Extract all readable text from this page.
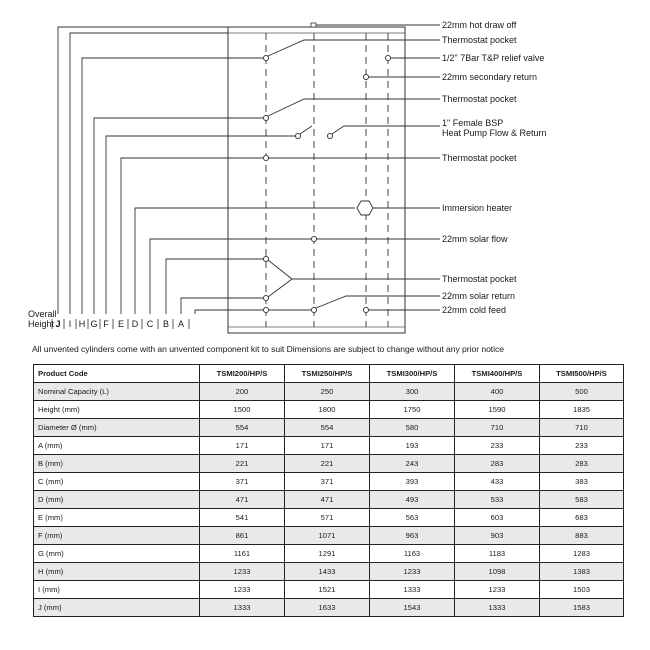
22mm hot draw off
Thermostat pocket
1/2" 7Bar T&P relief valve
22mm secondary return
Thermostat pocket
1" Female BSP
Heat Pump Flow & Return
Thermostat pocket
Immersion heater
22mm solar flow
Thermostat pocket
22mm solar return
22mm cold feed
Overall
Height J I H G F E D C B A
All unvented cylinders come with an unvented component kit to suit Dimensions are subject to change without any prior notice
Product Code	TSMI200/HP/S	TSMI250/HP/S	TSMI300/HP/S	TSMI400/HP/S	TSMI500/HP/S
Nominal Capacity (L)	200	250	300	400	500
Height (mm)	1500	1800	1750	1590	1835
Diameter Ø (mm)	554	554	580	710	710
A (mm)	171	171	193	233	233
B (mm)	221	221	243	283	283
C (mm)	371	371	393	433	383
D (mm)	471	471	493	533	583
E (mm)	541	571	563	603	683
F (mm)	861	1071	963	903	883
G (mm)	1161	1291	1163	1183	1283
H (mm)	1233	1433	1233	1098	1383
I (mm)	1233	1521	1333	1233	1503
J (mm)	1333	1633	1543	1333	1583
